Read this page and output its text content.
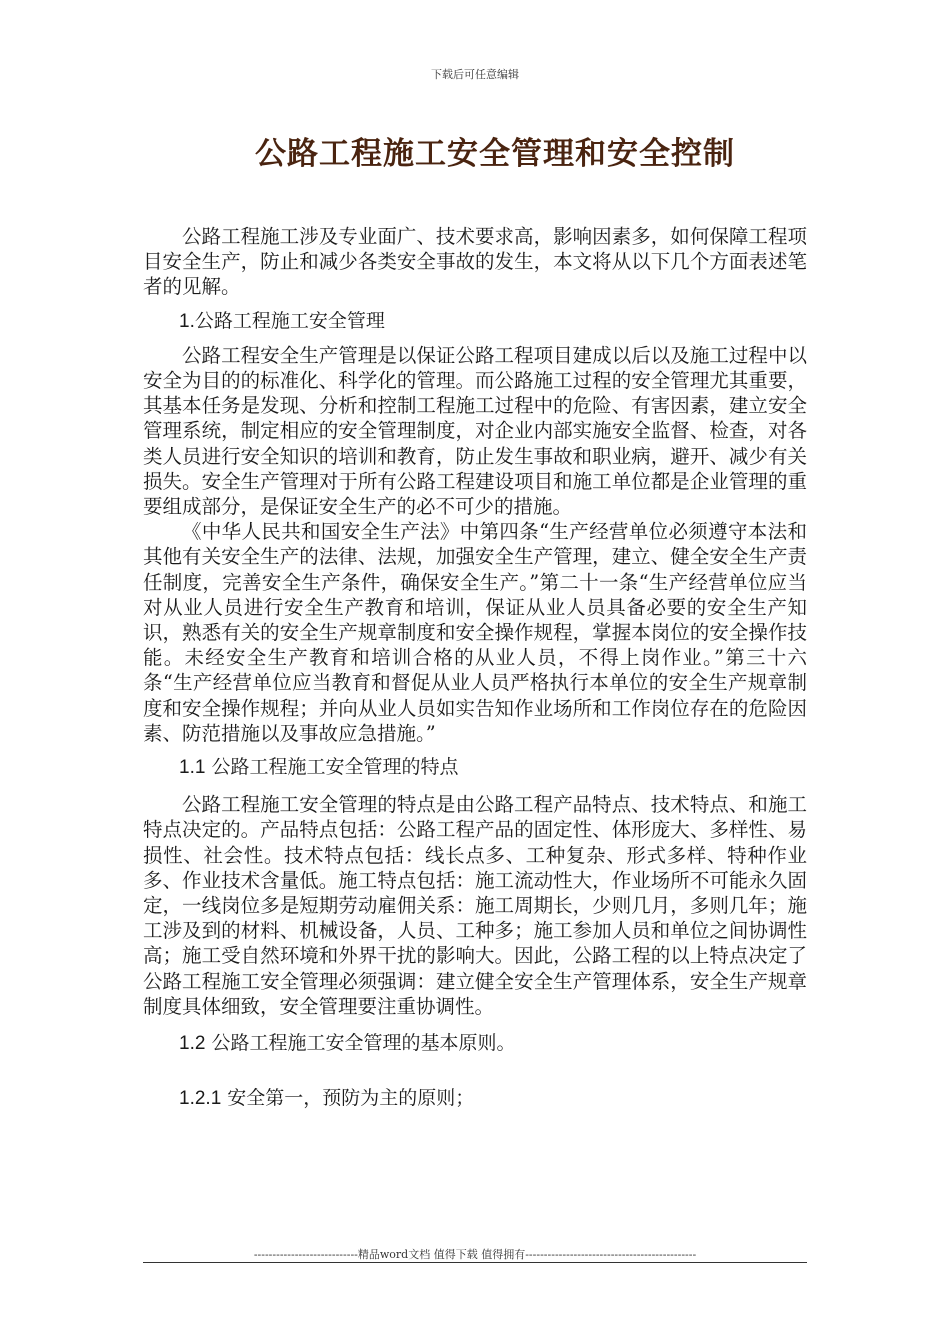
下载后可任意编辑
公路工程施工安全管理和安全控制

公路工程施工涉及专业面广、技术要求高，影响因素多，如何保障工程项目安全生产，防止和减少各类安全事故的发生，本文将从以下几个方面表述笔者的见解。

1.公路工程施工安全管理

公路工程安全生产管理是以保证公路工程项目建成以后以及施工过程中以安全为目的的标准化、科学化的管理。而公路施工过程的安全管理尤其重要，其基本任务是发现、分析和控制工程施工过程中的危险、有害因素，建立安全管理系统，制定相应的安全管理制度，对企业内部实施安全监督、检查，对各类人员进行安全知识的培训和教育，防止发生事故和职业病，避开、减少有关损失。安全生产管理对于所有公路工程建设项目和施工单位都是企业管理的重要组成部分，是保证安全生产的必不可少的措施。

《中华人民共和国安全生产法》中第四条“生产经营单位必须遵守本法和其他有关安全生产的法律、法规，加强安全生产管理，建立、健全安全生产责任制度，完善安全生产条件，确保安全生产。”第二十一条“生产经营单位应当对从业人员进行安全生产教育和培训，保证从业人员具备必要的安全生产知识，熟悉有关的安全生产规章制度和安全操作规程，掌握本岗位的安全操作技能。未经安全生产教育和培训合格的从业人员，不得上岗作业。”第三十六条“生产经营单位应当教育和督促从业人员严格执行本单位的安全生产规章制度和安全操作规程；并向从业人员如实告知作业场所和工作岗位存在的危险因素、防范措施以及事故应急措施。”

1.1 公路工程施工安全管理的特点

公路工程施工安全管理的特点是由公路工程产品特点、技术特点、和施工特点决定的。产品特点包括：公路工程产品的固定性、体形庞大、多样性、易损性、社会性。技术特点包括：线长点多、工种复杂、形式多样、特种作业多、作业技术含量低。施工特点包括：施工流动性大，作业场所不可能永久固定，一线岗位多是短期劳动雇佣关系：施工周期长，少则几月，多则几年；施工涉及到的材料、机械设备，人员、工种多；施工参加人员和单位之间协调性高；施工受自然环境和外界干扰的影响大。因此，公路工程的以上特点决定了公路工程施工安全管理必须强调：建立健全安全生产管理体系，安全生产规章制度具体细致，安全管理要注重协调性。

1.2 公路工程施工安全管理的基本原则。

1.2.1 安全第一，预防为主的原则；

----------------------------精品word文档 值得下载 值得拥有----------------------------------------------
